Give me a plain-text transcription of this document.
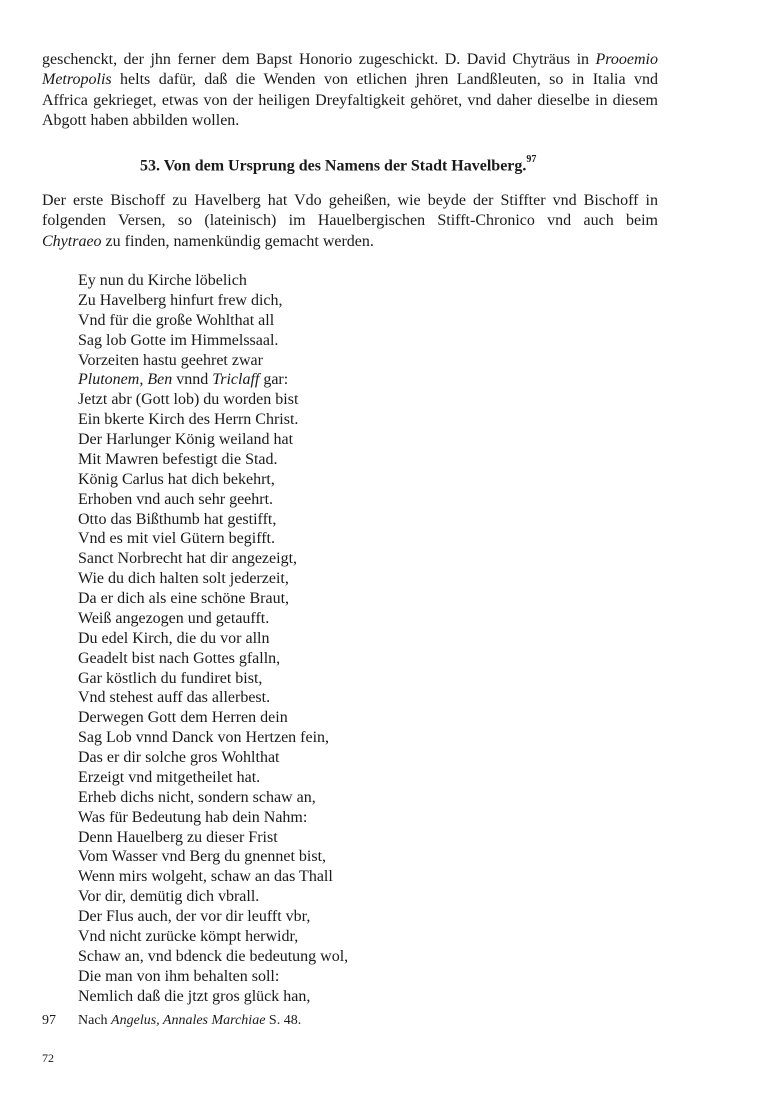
geschenckt, der jhn ferner dem Bapst Honorio zugeschickt. D. David Chyträus in Prooemio
Metropolis helts dafür, daß die Wenden von etlichen jhren Landßleuten, so in Italia vnd
Affrica gekrieget, etwas von der heiligen Dreyfaltigkeit gehöret, vnd daher dieselbe in diesem
Abgott haben abbilden wollen.

53. Von dem Ursprung des Namens der Stadt Havelberg.$^{97}$

Der erste Bischoff zu Havelberg hat Vdo geheißen, wie beyde der Stiffter vnd Bischoff in
folgenden Versen, so (lateinisch) im Hauelbergischen Stifft-Chronico vnd auch beim
Chytraeo zu finden, namenkündig gemacht werden.

Ey nun du Kirche löbelich
Zu Havelberg hinfurt frew dich,
Vnd für die große Wohlthat all
Sag lob Gotte im Himmelssaal.
Vorzeiten hastu geehret zwar
Plutonem, Ben vnnd Triclaff gar:
Jetzt abr (Gott lob) du worden bist
Ein bkerte Kirch des Herrn Christ.
Der Harlunger König weiland hat
Mit Mawren befestigt die Stad.
König Carlus hat dich bekehrt,
Erhoben vnd auch sehr geehrt.
Otto das Bißthumb hat gestifft,
Vnd es mit viel Gütern begifft.
Sanct Norbrecht hat dir angezeigt,
Wie du dich halten solt jederzeit,
Da er dich als eine schöne Braut,
Weiß angezogen und getaufft.
Du edel Kirch, die du vor alln
Geadelt bist nach Gottes gfalln,
Gar köstlich du fundiret bist,
Vnd stehest auff das allerbest.
Derwegen Gott dem Herren dein
Sag Lob vnnd Danck von Hertzen fein,
Das er dir solche gros Wohlthat
Erzeigt vnd mitgetheilet hat.
Erheb dichs nicht, sondern schaw an,
Was für Bedeutung hab dein Nahm:
Denn Hauelberg zu dieser Frist
Vom Wasser vnd Berg du gnennet bist,
Wenn mirs wolgeht, schaw an das Thall
Vor dir, demütig dich vbrall.
Der Flus auch, der vor dir leufft vbr,
Vnd nicht zurücke kömpt herwidr,
Schaw an, vnd bdenck die bedeutung wol,
Die man von ihm behalten soll:
Nemlich daß die jtzt gros glück han,
97 Nach Angelus, Annales Marchiae S. 48.
72
